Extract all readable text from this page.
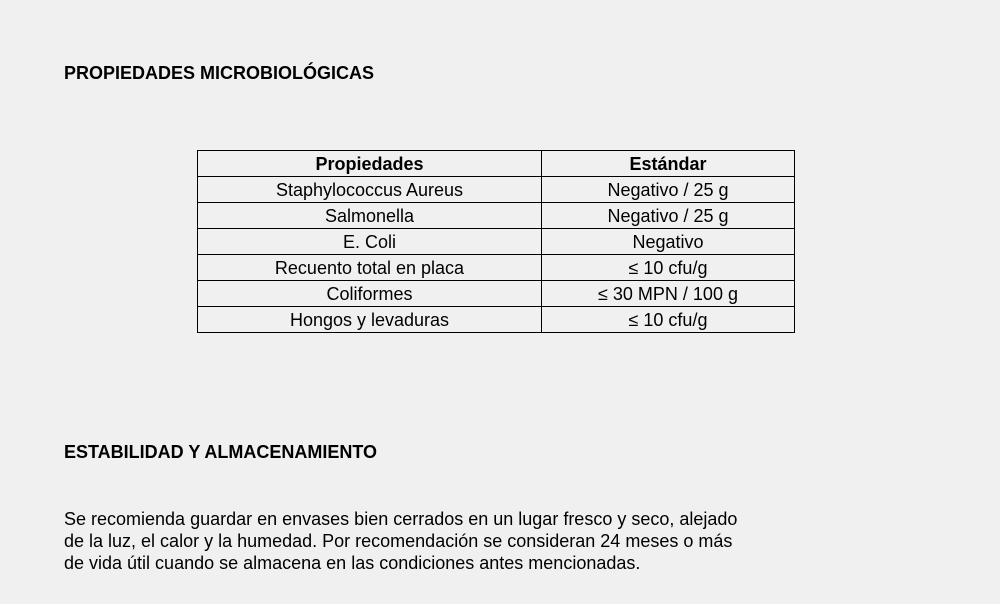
PROPIEDADES MICROBIOLÓGICAS
Propiedades	Estándar
Staphylococcus Aureus	Negativo / 25 g
Salmonella	Negativo / 25 g
E. Coli	Negativo
Recuento total en placa	≤ 10 cfu/g
Coliformes	≤ 30 MPN / 100 g
Hongos y levaduras	≤ 10 cfu/g
ESTABILIDAD Y ALMACENAMIENTO

Se recomienda guardar en envases bien cerrados en un lugar fresco y seco, alejado
de la luz, el calor y la humedad. Por recomendación se consideran 24 meses o más
de vida útil cuando se almacena en las condiciones antes mencionadas.
